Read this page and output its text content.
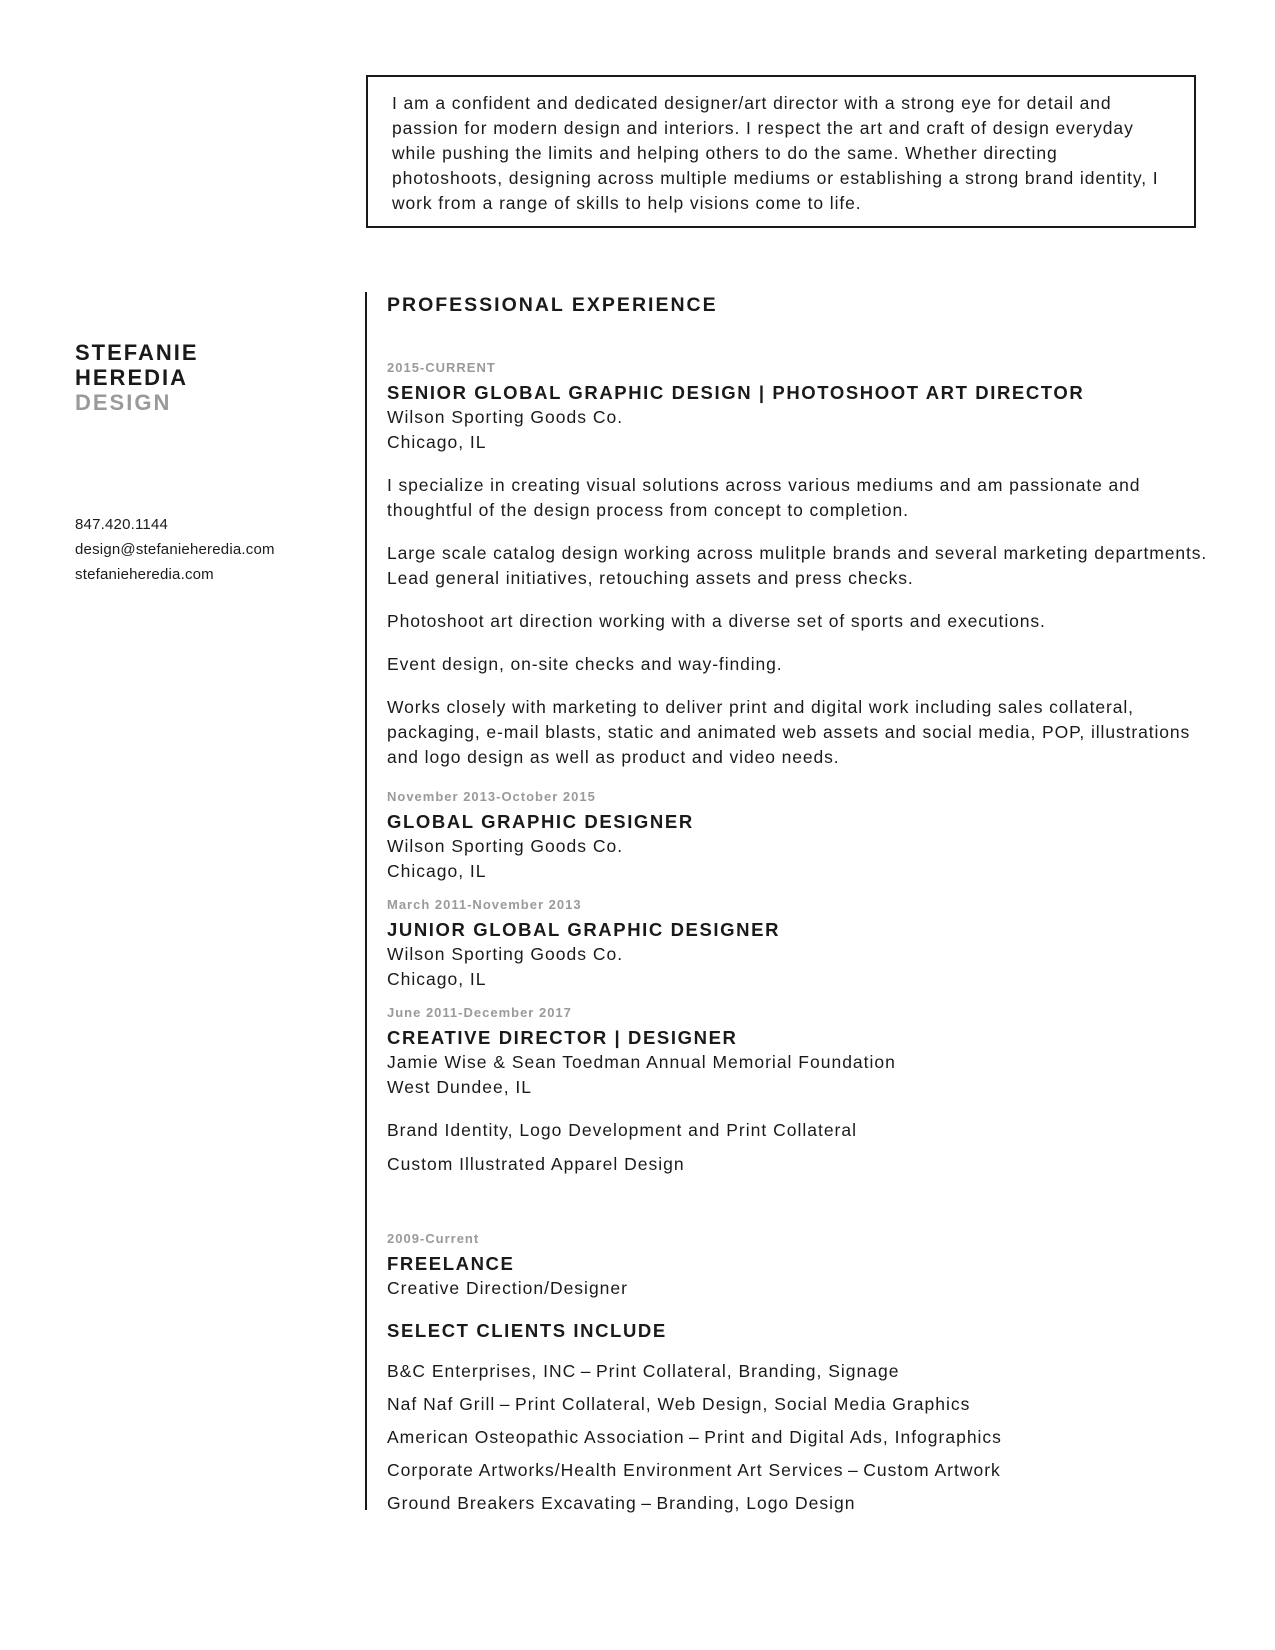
I am a confident and dedicated designer/art director with a strong eye for detail and passion for modern design and interiors. I respect the art and craft of design everyday while pushing the limits and helping others to do the same. Whether directing photoshoots, designing across multiple mediums or establishing a strong brand identity, I work from a range of skills to help visions come to life.

STEFANIE
HEREDIA
DESIGN
847.420.1144
design@stefanieheredia.com
stefanieheredia.com
PROFESSIONAL EXPERIENCE
2015-CURRENT
SENIOR GLOBAL GRAPHIC DESIGN | PHOTOSHOOT ART DIRECTOR
Wilson Sporting Goods Co.
Chicago, IL

I specialize in creating visual solutions across various mediums and am passionate and thoughtful of the design process from concept to completion.

Large scale catalog design working across mulitple brands and several marketing departments. Lead general initiatives, retouching assets and press checks.

Photoshoot art direction working with a diverse set of sports and executions.

Event design, on-site checks and way-finding.

Works closely with marketing to deliver print and digital work including sales collateral, packaging, e-mail blasts, static and animated web assets and social media, POP, illustrations and logo design as well as product and video needs.

November 2013-October 2015
GLOBAL GRAPHIC DESIGNER
Wilson Sporting Goods Co.
Chicago, IL
March 2011-November 2013
JUNIOR GLOBAL GRAPHIC DESIGNER
Wilson Sporting Goods Co.
Chicago, IL
June 2011-December 2017
CREATIVE DIRECTOR | DESIGNER
Jamie Wise & Sean Toedman Annual Memorial Foundation
West Dundee, IL
Brand Identity, Logo Development and Print Collateral
Custom Illustrated Apparel Design
2009-Current
FREELANCE
Creative Direction/Designer
SELECT CLIENTS INCLUDE
B&C Enterprises, INC – Print Collateral, Branding, Signage
Naf Naf Grill – Print Collateral, Web Design, Social Media Graphics
American Osteopathic Association – Print and Digital Ads, Infographics
Corporate Artworks/Health Environment Art Services – Custom Artwork
Ground Breakers Excavating – Branding, Logo Design
